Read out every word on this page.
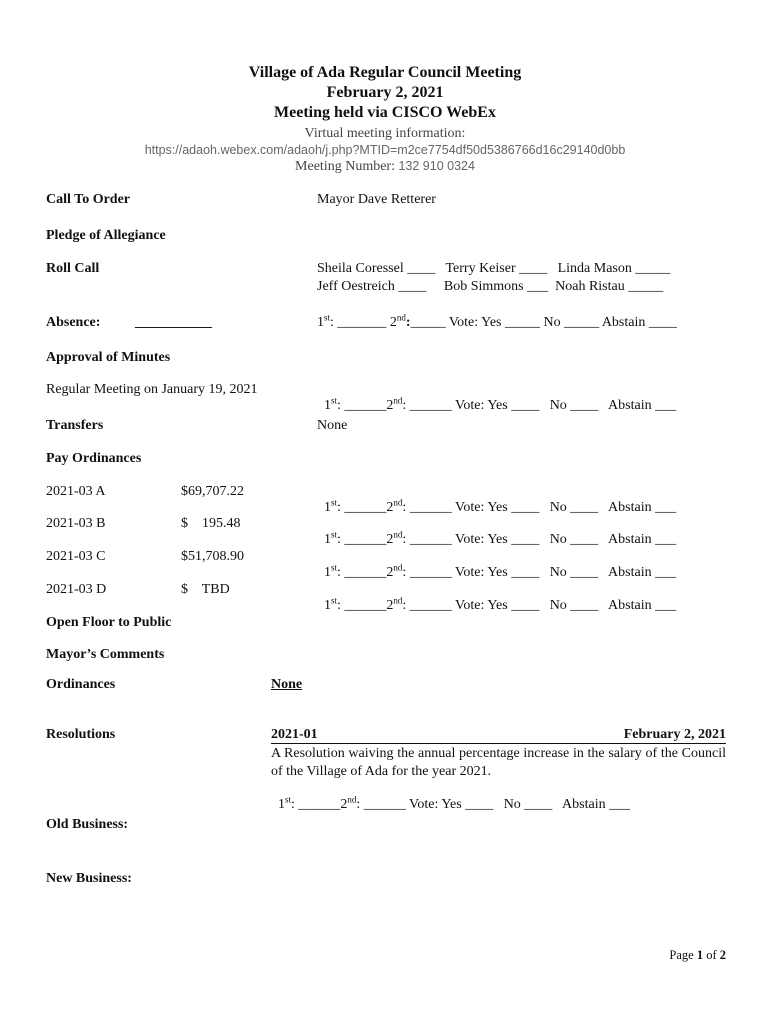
Village of Ada Regular Council Meeting
February 2, 2021
Meeting held via CISCO WebEx
Virtual meeting information:
https://adaoh.webex.com/adaoh/j.php?MTID=m2ce7754df50d5386766d16c29140d0bb
Meeting Number: 132 910 0324
Call To Order	Mayor Dave Retterer
Pledge of Allegiance
Roll Call	Sheila Coressel ____   Terry Keiser ____   Linda Mason _____
Jeff Oestreich ____     Bob Simmons ___  Noah Ristau _____
Absence: ___________	1st: _______ 2nd:_____ Vote: Yes _____ No _____ Abstain ____
Approval of Minutes
Regular Meeting on January 19, 2021

1st: ______2nd: ______ Vote: Yes ____   No ____   Abstain ___

Transfers	None
Pay Ordinances
2021-03 A	$69,707.22

1st: ______2nd: ______ Vote: Yes ____   No ____   Abstain ___

2021-03 B	$    195.48

1st: ______2nd: ______ Vote: Yes ____   No ____   Abstain ___

2021-03 C	$51,708.90

1st: ______2nd: ______ Vote: Yes ____   No ____   Abstain ___

2021-03 D	$    TBD

1st: ______2nd: ______ Vote: Yes ____   No ____   Abstain ___

Open Floor to Public
Mayor’s Comments
Ordinances	None
Resolutions	2021-01	February 2, 2021
A Resolution waiving the annual percentage increase in the salary of the Council of the Village of Ada for the year 2021.

1st: ______2nd: ______ Vote: Yes ____   No ____   Abstain ___

Old Business:
New Business:
Page 1 of 2
